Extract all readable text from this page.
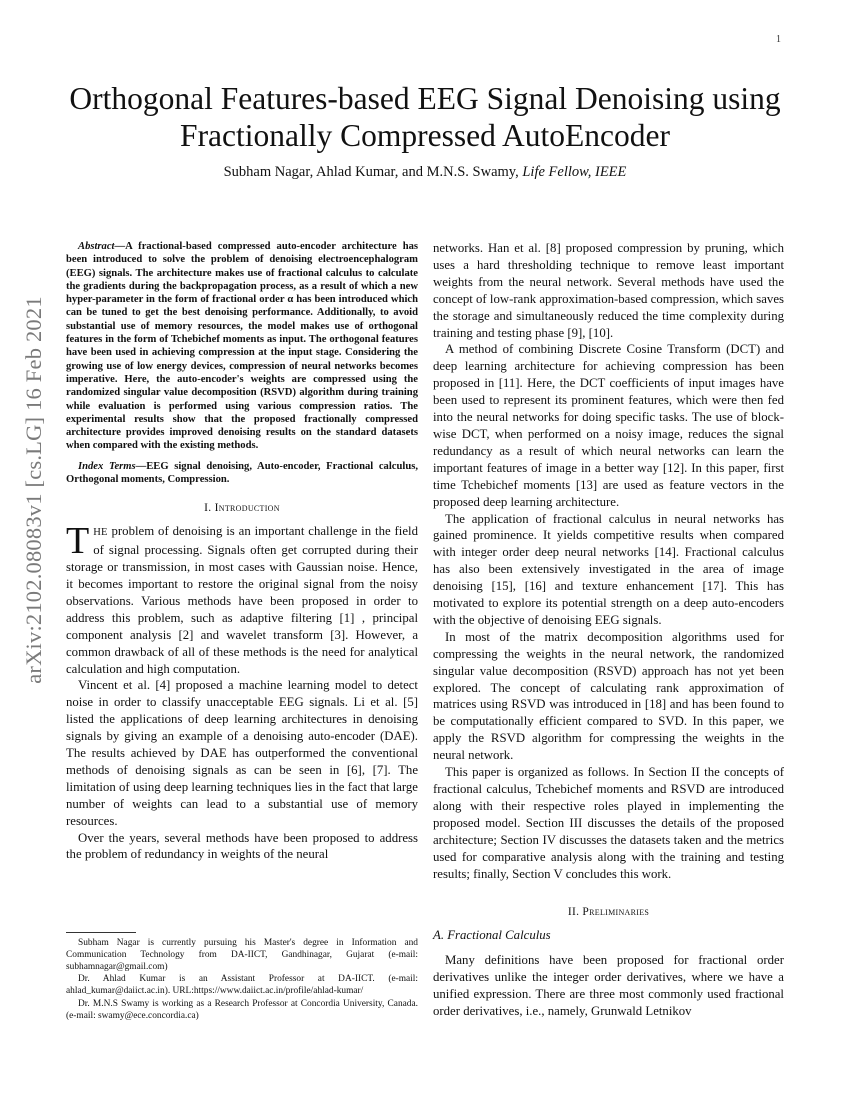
1
arXiv:2102.08083v1 [cs.LG] 16 Feb 2021
Orthogonal Features-based EEG Signal Denoising using Fractionally Compressed AutoEncoder
Subham Nagar, Ahlad Kumar, and M.N.S. Swamy, Life Fellow, IEEE

Abstract—A fractional-based compressed auto-encoder architecture has been introduced to solve the problem of denoising electroencephalogram (EEG) signals. The architecture makes use of fractional calculus to calculate the gradients during the backpropagation process, as a result of which a new hyper-parameter in the form of fractional order α has been introduced which can be tuned to get the best denoising performance. Additionally, to avoid substantial use of memory resources, the model makes use of orthogonal features in the form of Tchebichef moments as input. The orthogonal features have been used in achieving compression at the input stage. Considering the growing use of low energy devices, compression of neural networks becomes imperative. Here, the auto-encoder's weights are compressed using the randomized singular value decomposition (RSVD) algorithm during training while evaluation is performed using various compression ratios. The experimental results show that the proposed fractionally compressed architecture provides improved denoising results on the standard datasets when compared with the existing methods.

Index Terms—EEG signal denoising, Auto-encoder, Fractional calculus, Orthogonal moments, Compression.

I. Introduction

THE problem of denoising is an important challenge in the field of signal processing. Signals often get corrupted during their storage or transmission, in most cases with Gaussian noise. Hence, it becomes important to restore the original signal from the noisy observations. Various methods have been proposed in order to address this problem, such as adaptive filtering [1] , principal component analysis [2] and wavelet transform [3]. However, a common drawback of all of these methods is the need for analytical calculation and high computation.

Vincent et al. [4] proposed a machine learning model to detect noise in order to classify unacceptable EEG signals. Li et al. [5] listed the applications of deep learning architectures in denoising signals by giving an example of a denoising auto-encoder (DAE). The results achieved by DAE has outperformed the conventional methods of denoising signals as can be seen in [6], [7]. The limitation of using deep learning techniques lies in the fact that large number of weights can lead to a substantial use of memory resources.

Over the years, several methods have been proposed to address the problem of redundancy in weights of the neural

Subham Nagar is currently pursuing his Master's degree in Information and Communication Technology from DA-IICT, Gandhinagar, Gujarat (e-mail: subhamnagar@gmail.com)

Dr. Ahlad Kumar is an Assistant Professor at DA-IICT. (e-mail: ahlad_kumar@daiict.ac.in). URL:https://www.daiict.ac.in/profile/ahlad-kumar/

Dr. M.N.S Swamy is working as a Research Professor at Concordia University, Canada. (e-mail: swamy@ece.concordia.ca)

networks. Han et al. [8] proposed compression by pruning, which uses a hard thresholding technique to remove least important weights from the neural network. Several methods have used the concept of low-rank approximation-based compression, which saves the storage and simultaneously reduced the time complexity during training and testing phase [9], [10].

A method of combining Discrete Cosine Transform (DCT) and deep learning architecture for achieving compression has been proposed in [11]. Here, the DCT coefficients of input images have been used to represent its prominent features, which were then fed into the neural networks for doing specific tasks. The use of block-wise DCT, when performed on a noisy image, reduces the signal redundancy as a result of which neural networks can learn the important features of image in a better way [12]. In this paper, first time Tchebichef moments [13] are used as feature vectors in the proposed deep learning architecture.

The application of fractional calculus in neural networks has gained prominence. It yields competitive results when compared with integer order deep neural networks [14]. Fractional calculus has also been extensively investigated in the area of image denoising [15], [16] and texture enhancement [17]. This has motivated to explore its potential strength on a deep auto-encoders with the objective of denoising EEG signals.

In most of the matrix decomposition algorithms used for compressing the weights in the neural network, the randomized singular value decomposition (RSVD) approach has not yet been explored. The concept of calculating rank approximation of matrices using RSVD was introduced in [18] and has been found to be computationally efficient compared to SVD. In this paper, we apply the RSVD algorithm for compressing the weights in the neural network.

This paper is organized as follows. In Section II the concepts of fractional calculus, Tchebichef moments and RSVD are introduced along with their respective roles played in implementing the proposed model. Section III discusses the details of the proposed architecture; Section IV discusses the datasets taken and the metrics used for comparative analysis along with the training and testing results; finally, Section V concludes this work.

II. Preliminaries
A. Fractional Calculus

Many definitions have been proposed for fractional order derivatives unlike the integer order derivatives, where we have a unified expression. There are three most commonly used fractional order derivatives, i.e., namely, Grunwald Letnikov
